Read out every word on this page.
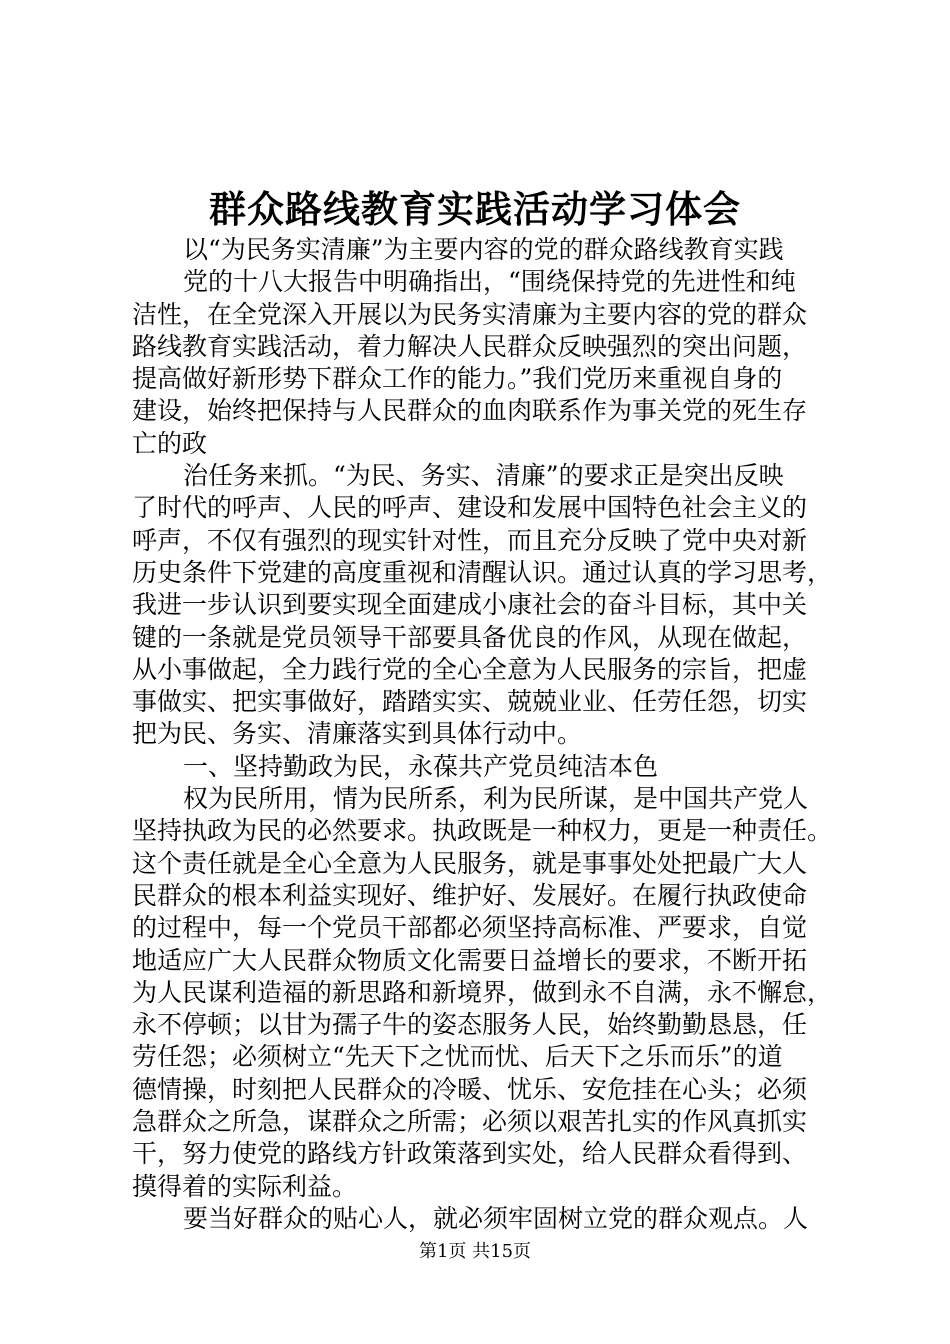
群众路线教育实践活动学习体会
以“为民务实清廉”为主要内容的党的群众路线教育实践
党的十八大报告中明确指出，“围绕保持党的先进性和纯
洁性，在全党深入开展以为民务实清廉为主要内容的党的群众
路线教育实践活动，着力解决人民群众反映强烈的突出问题，
提高做好新形势下群众工作的能力。”我们党历来重视自身的
建设，始终把保持与人民群众的血肉联系作为事关党的死生存
亡的政
治任务来抓。“为民、务实、清廉”的要求正是突出反映
了时代的呼声、人民的呼声、建设和发展中国特色社会主义的
呼声，不仅有强烈的现实针对性，而且充分反映了党中央对新
历史条件下党建的高度重视和清醒认识。通过认真的学习思考，
我进一步认识到要实现全面建成小康社会的奋斗目标，其中关
键的一条就是党员领导干部要具备优良的作风，从现在做起，
从小事做起，全力践行党的全心全意为人民服务的宗旨，把虚
事做实、把实事做好，踏踏实实、兢兢业业、任劳任怨，切实
把为民、务实、清廉落实到具体行动中。
一、坚持勤政为民，永葆共产党员纯洁本色
权为民所用，情为民所系，利为民所谋，是中国共产党人
坚持执政为民的必然要求。执政既是一种权力，更是一种责任。
这个责任就是全心全意为人民服务，就是事事处处把最广大人
民群众的根本利益实现好、维护好、发展好。在履行执政使命
的过程中，每一个党员干部都必须坚持高标准、严要求，自觉
地适应广大人民群众物质文化需要日益增长的要求，不断开拓
为人民谋利造福的新思路和新境界，做到永不自满，永不懈怠，
永不停顿；以甘为孺子牛的姿态服务人民，始终勤勤恳恳，任
劳任怨；必须树立“先天下之忧而忧、后天下之乐而乐”的道
德情操，时刻把人民群众的冷暖、忧乐、安危挂在心头；必须
急群众之所急，谋群众之所需；必须以艰苦扎实的作风真抓实
干，努力使党的路线方针政策落到实处，给人民群众看得到、
摸得着的实际利益。
要当好群众的贴心人，就必须牢固树立党的群众观点。人
第1页 共15页
